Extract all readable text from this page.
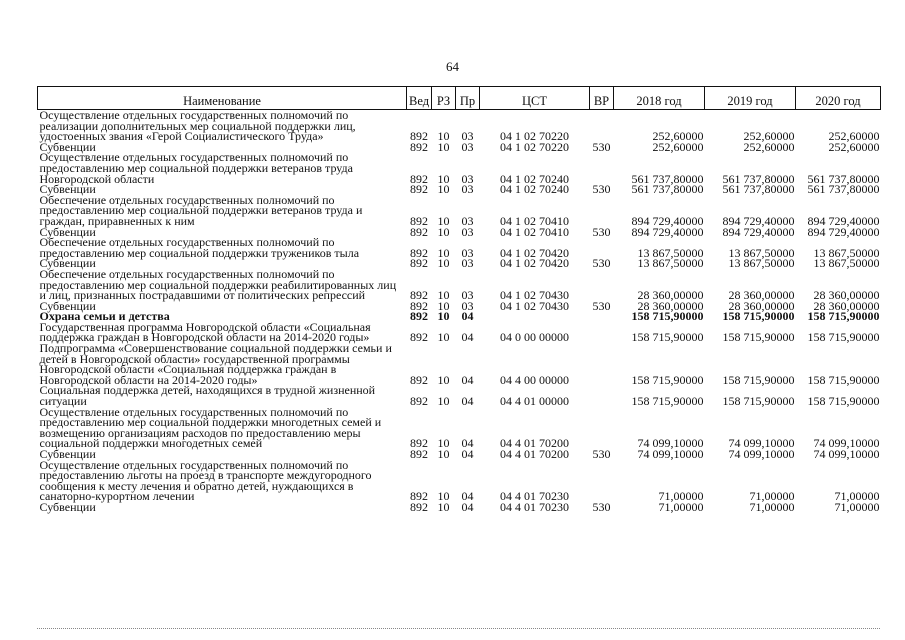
64
Наименование	Вед	РЗ	Пр	ЦСТ	ВР	2018 год	2019 год	2020 год
Осуществление отдельных государственных полномочий по реализации дополнительных мер социальной поддержки лиц, удостоенных звания «Герой Социалистического Труда»	892	10	03	04 1 02 70220		252,60000	252,60000	252,60000
Субвенции	892	10	03	04 1 02 70220	530	252,60000	252,60000	252,60000
Осуществление отдельных государственных полномочий по предоставлению мер социальной поддержки ветеранов труда Новгородской области	892	10	03	04 1 02 70240		561 737,80000	561 737,80000	561 737,80000
Субвенции	892	10	03	04 1 02 70240	530	561 737,80000	561 737,80000	561 737,80000
Обеспечение отдельных государственных полномочий по предоставлению мер социальной поддержки ветеранов труда и граждан, приравненных к ним	892	10	03	04 1 02 70410		894 729,40000	894 729,40000	894 729,40000
Субвенции	892	10	03	04 1 02 70410	530	894 729,40000	894 729,40000	894 729,40000
Обеспечение отдельных государственных полномочий по предоставлению мер социальной поддержки тружеников тыла	892	10	03	04 1 02 70420		13 867,50000	13 867,50000	13 867,50000
Субвенции	892	10	03	04 1 02 70420	530	13 867,50000	13 867,50000	13 867,50000
Обеспечение отдельных государственных полномочий по предоставлению мер социальной поддержки реабилитированных лиц и лиц, признанных пострадавшими от политических репрессий	892	10	03	04 1 02 70430		28 360,00000	28 360,00000	28 360,00000
Субвенции	892	10	03	04 1 02 70430	530	28 360,00000	28 360,00000	28 360,00000
Охрана семьи и детства	892	10	04			158 715,90000	158 715,90000	158 715,90000
Государственная программа Новгородской области «Социальная поддержка граждан в Новгородской области на 2014-2020 годы»	892	10	04	04 0 00 00000		158 715,90000	158 715,90000	158 715,90000
Подпрограмма «Совершенствование социальной поддержки семьи и детей в Новгородской области» государственной программы Новгородской области «Социальная поддержка граждан в Новгородской области на 2014-2020 годы»	892	10	04	04 4 00 00000		158 715,90000	158 715,90000	158 715,90000
Социальная поддержка детей, находящихся в трудной жизненной ситуации	892	10	04	04 4 01 00000		158 715,90000	158 715,90000	158 715,90000
Осуществление отдельных государственных полномочий по предоставлению мер социальной поддержки многодетных семей и возмещению организациям расходов по предоставлению меры социальной поддержки многодетных семей	892	10	04	04 4 01 70200		74 099,10000	74 099,10000	74 099,10000
Субвенции	892	10	04	04 4 01 70200	530	74 099,10000	74 099,10000	74 099,10000
Осуществление отдельных государственных полномочий по предоставлению льготы на проезд в транспорте междугородного сообщения к месту лечения и обратно детей, нуждающихся в санаторно-курортном лечении	892	10	04	04 4 01 70230		71,00000	71,00000	71,00000
Субвенции	892	10	04	04 4 01 70230	530	71,00000	71,00000	71,00000
